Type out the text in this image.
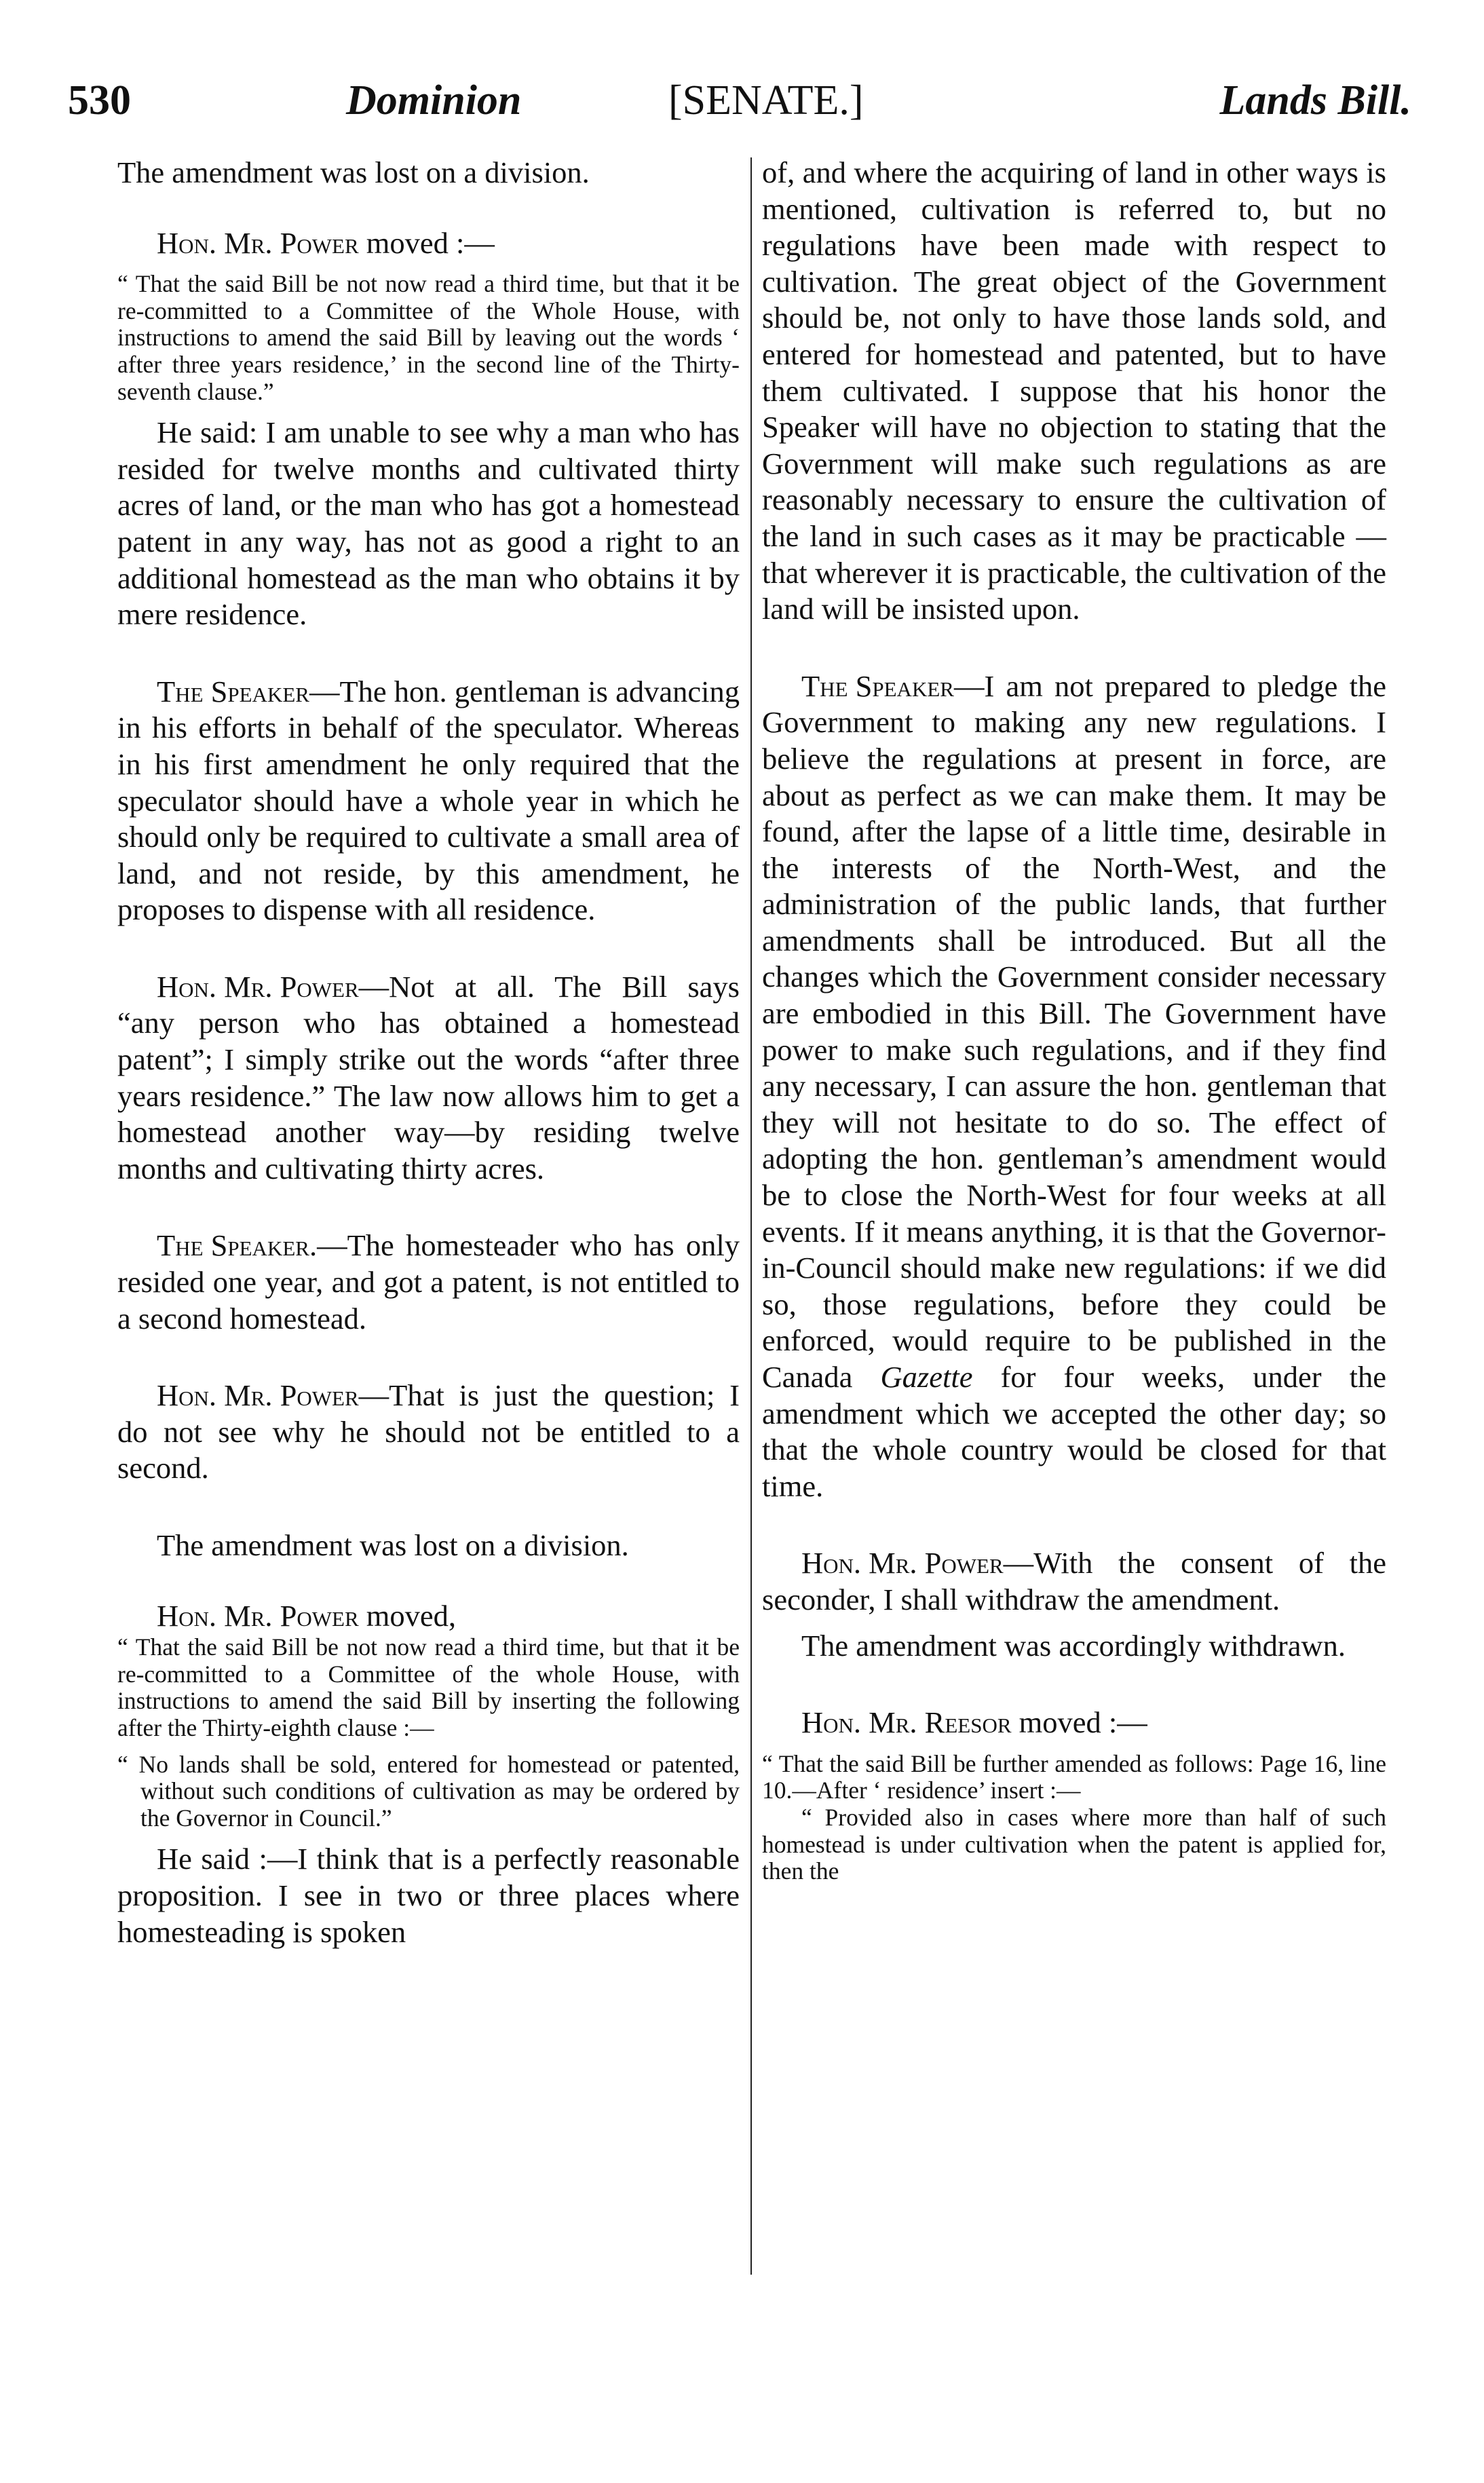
530	Dominion	[SENATE.]	Lands Bill.

The amendment was lost on a division.

Hon. Mr. Power moved :—

“ That the said Bill be not now read a third time, but that it be re-committed to a Committee of the Whole House, with instructions to amend the said Bill by leaving out the words ‘ after three years residence,’ in the second line of the Thirty-seventh clause.”

He said: I am unable to see why a man who has resided for twelve months and cultivated thirty acres of land, or the man who has got a homestead patent in any way, has not as good a right to an additional homestead as the man who obtains it by mere residence.

The Speaker—The hon. gentleman is advancing in his efforts in behalf of the speculator. Whereas in his first amendment he only required that the speculator should have a whole year in which he should only be required to cultivate a small area of land, and not reside, by this amendment, he proposes to dispense with all residence.

Hon. Mr. Power—Not at all. The Bill says “any person who has obtained a homestead patent”; I simply strike out the words “after three years residence.” The law now allows him to get a homestead another way—by residing twelve months and cultivating thirty acres.

The Speaker.—The homesteader who has only resided one year, and got a patent, is not entitled to a second homestead.

Hon. Mr. Power—That is just the question; I do not see why he should not be entitled to a second.

The amendment was lost on a division.

Hon. Mr. Power moved,

“ That the said Bill be not now read a third time, but that it be re-committed to a Committee of the whole House, with instructions to amend the said Bill by inserting the following after the Thirty-eighth clause :—

“ No lands shall be sold, entered for homestead or patented, without such conditions of cultivation as may be ordered by the Governor in Council.”

He said :—I think that is a perfectly reasonable proposition. I see in two or three places where homesteading is spoken

of, and where the acquiring of land in other ways is mentioned, cultivation is referred to, but no regulations have been made with respect to cultivation. The great object of the Government should be, not only to have those lands sold, and entered for homestead and patented, but to have them cultivated. I suppose that his honor the Speaker will have no objection to stating that the Government will make such regulations as are reasonably necessary to ensure the cultivation of the land in such cases as it may be practicable —that wherever it is practicable, the cultivation of the land will be insisted upon.

The Speaker—I am not prepared to pledge the Government to making any new regulations. I believe the regulations at present in force, are about as perfect as we can make them. It may be found, after the lapse of a little time, desirable in the interests of the North-West, and the administration of the public lands, that further amendments shall be introduced. But all the changes which the Government consider necessary are embodied in this Bill. The Government have power to make such regulations, and if they find any necessary, I can assure the hon. gentleman that they will not hesitate to do so. The effect of adopting the hon. gentleman’s amendment would be to close the North-West for four weeks at all events. If it means anything, it is that the Governor-in-Council should make new regulations: if we did so, those regulations, before they could be enforced, would require to be published in the Canada Gazette for four weeks, under the amendment which we accepted the other day; so that the whole country would be closed for that time.

Hon. Mr. Power—With the consent of the seconder, I shall withdraw the amendment.

The amendment was accordingly withdrawn.

Hon. Mr. Reesor moved :—

“ That the said Bill be further amended as follows: Page 16, line 10.—After ‘ residence’ insert :—

“ Provided also in cases where more than half of such homestead is under cultivation when the patent is applied for, then the
